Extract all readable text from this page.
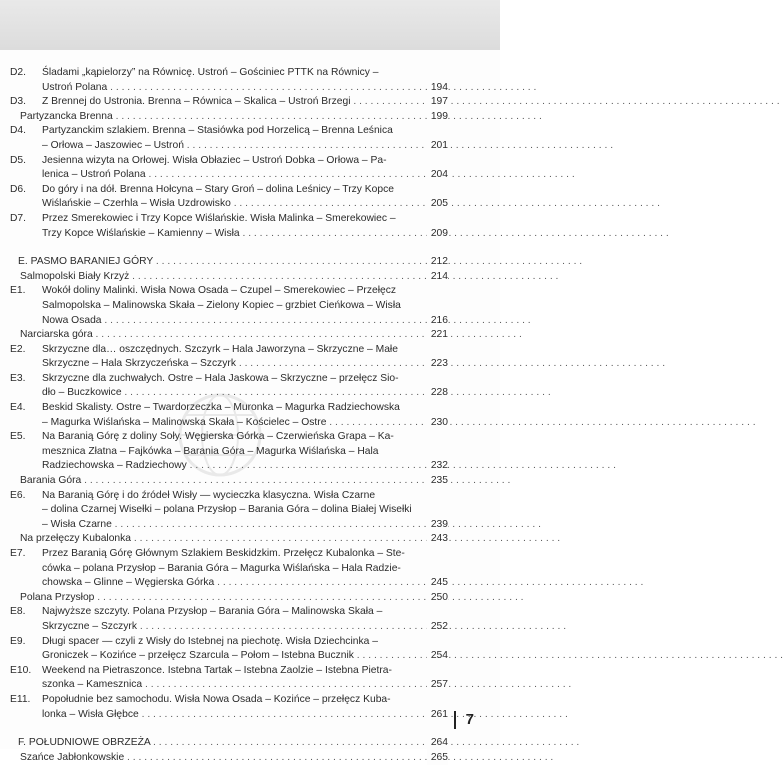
D2. Śladami „kąpielorzy” na Równicę. Ustroń – Gościniec PTTK na Równicy –
Ustroń Polana . . .	194
D3. Z Brennej do Ustronia. Brenna – Równica – Skalica – Ustroń Brzegi . . .	197
Partyzancka Brenna . . .	199
D4. Partyzanckim szlakiem. Brenna – Stasiówka pod Horzelicą – Brenna Leśnica
– Orłowa – Jaszowiec – Ustroń . . .	201
D5. Jesienna wizyta na Orłowej. Wisła Obłaziec – Ustroń Dobka – Orłowa – Pa-
lenica – Ustroń Polana . . .	204
D6. Do góry i na dół. Brenna Hołcyna – Stary Groń – dolina Leśnicy – Trzy Kopce
Wiślańskie – Czerhla – Wisła Uzdrowisko . . .	205
D7. Przez Smerekowiec i Trzy Kopce Wiślańskie. Wisła Malinka – Smerekowiec –
Trzy Kopce Wiślańskie – Kamienny – Wisła . . .	209
E. PASMO BARANIEJ GÓRY . . .	212
Salmopolski Biały Krzyż . . .	214
E1. Wokół doliny Malinki. Wisła Nowa Osada – Czupel – Smerekowiec – Przełęcz
Salmopolska – Malinowska Skała – Zielony Kopiec – grzbiet Cieńkowa – Wisła
Nowa Osada . . .	216
Narciarska góra . . .	221
E2. Skrzyczne dla… oszczędnych. Szczyrk – Hala Jaworzyna – Skrzyczne – Małe
Skrzyczne – Hala Skrzyczeńska – Szczyrk . . .	223
E3. Skrzyczne dla zuchwałych. Ostre – Hala Jaskowa – Skrzyczne – przełęcz Sio-
dło – Buczkowice . . .	228
E4. Beskid Skalisty. Ostre – Twardorzeczka – Muronka – Magurka Radziechowska
– Magurka Wiślańska – Malinowska Skała – Kościelec – Ostre . . .	230
E5. Na Baranią Górę z doliny Soły. Węgierska Górka – Czerwieńska Grapa – Ka-
mesznica Złatna – Fajkówka – Barania Góra – Magurka Wiślańska – Hala
Radziechowska – Radziechowy . . .	232
Barania Góra . . .	235
E6. Na Baranią Górę i do źródeł Wisły — wycieczka klasyczna. Wisła Czarne
– dolina Czarnej Wisełki – polana Przysłop – Barania Góra – dolina Białej Wisełki
– Wisła Czarne . . .	239
Na przełęczy Kubalonka . . .	243
E7. Przez Baranią Górę Głównym Szlakiem Beskidzkim. Przełęcz Kubalonka – Ste-
cówka – polana Przysłop – Barania Góra – Magurka Wiślańska – Hala Radzie-
chowska – Glinne – Węgierska Górka . . .	245
Polana Przysłop . . .	250
E8. Najwyższe szczyty. Polana Przysłop – Barania Góra – Malinowska Skała –
Skrzyczne – Szczyrk . . .	252
E9. Długi spacer — czyli z Wisły do Istebnej na piechotę. Wisła Dziechcinka –
Groniczek – Kozińce – przełęcz Szarcula – Połom – Istebna Bucznik . . .	254
E10. Weekend na Pietraszonce. Istebna Tartak – Istebna Zaolzie – Istebna Pietra-
szonka – Kamesznica . . .	257
E11. Popołudnie bez samochodu. Wisła Nowa Osada – Kozińce – przełęcz Kuba-
lonka – Wisła Głębce . . .	261
F. POŁUDNIOWE OBRZEŻA . . .	264
Szańce Jabłonkowskie . . .	265
7
